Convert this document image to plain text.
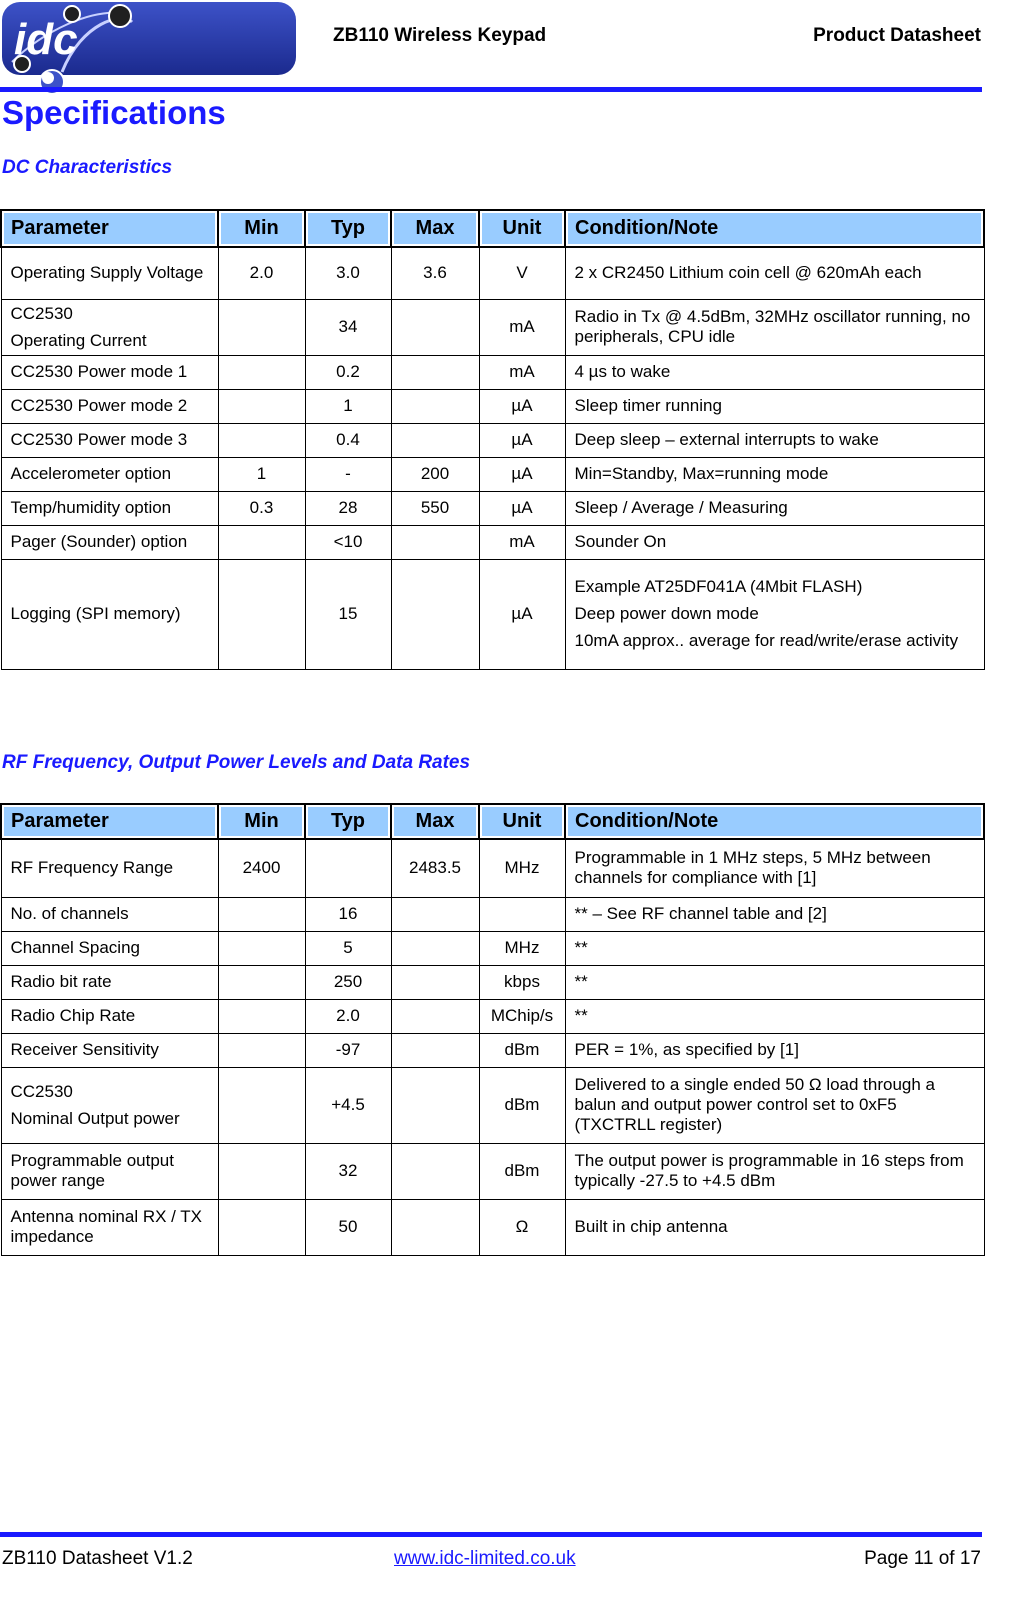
idc	ZB110 Wireless Keypad	Product Datasheet
Specifications
DC Characteristics
Parameter	Min	Typ	Max	Unit	Condition/Note

Operating Supply Voltage	2.0	3.0	3.6	V	2 x CR2450 Lithium coin cell @ 620mAh each

CC2530
Operating Current		34		mA	Radio in Tx @ 4.5dBm, 32MHz oscillator running, no peripherals, CPU idle

CC2530 Power mode 1		0.2		mA	4 µs to wake

CC2530 Power mode 2		1		µA	Sleep timer running

CC2530 Power mode 3		0.4		µA	Deep sleep – external interrupts to wake

Accelerometer option	1	-	200	µA	Min=Standby, Max=running mode

Temp/humidity option	0.3	28	550	µA	Sleep / Average / Measuring

Pager (Sounder) option		<10		mA	Sounder On

Logging (SPI memory)		15		µA	Example AT25DF041A (4Mbit FLASH)
Deep power down mode
10mA approx.. average for read/write/erase activity
RF Frequency, Output Power Levels and Data Rates
Parameter	Min	Typ	Max	Unit	Condition/Note

RF Frequency Range	2400		2483.5	MHz	Programmable in 1 MHz steps, 5 MHz between channels for compliance with [1]

No. of channels		16			** – See RF channel table and [2]

Channel Spacing		5		MHz	**

Radio bit rate		250		kbps	**

Radio Chip Rate		2.0		MChip/s	**

Receiver Sensitivity		-97		dBm	PER = 1%, as specified by [1]

CC2530
Nominal Output power		+4.5		dBm	Delivered to a single ended 50 Ω load through a balun and output power control set to 0xF5 (TXCTRLL register)

Programmable output power range		32		dBm	The output power is programmable in 16 steps from typically -27.5 to +4.5 dBm

Antenna nominal RX / TX impedance		50		Ω	Built in chip antenna
ZB110 Datasheet V1.2	www.idc-limited.co.uk	Page 11 of 17
